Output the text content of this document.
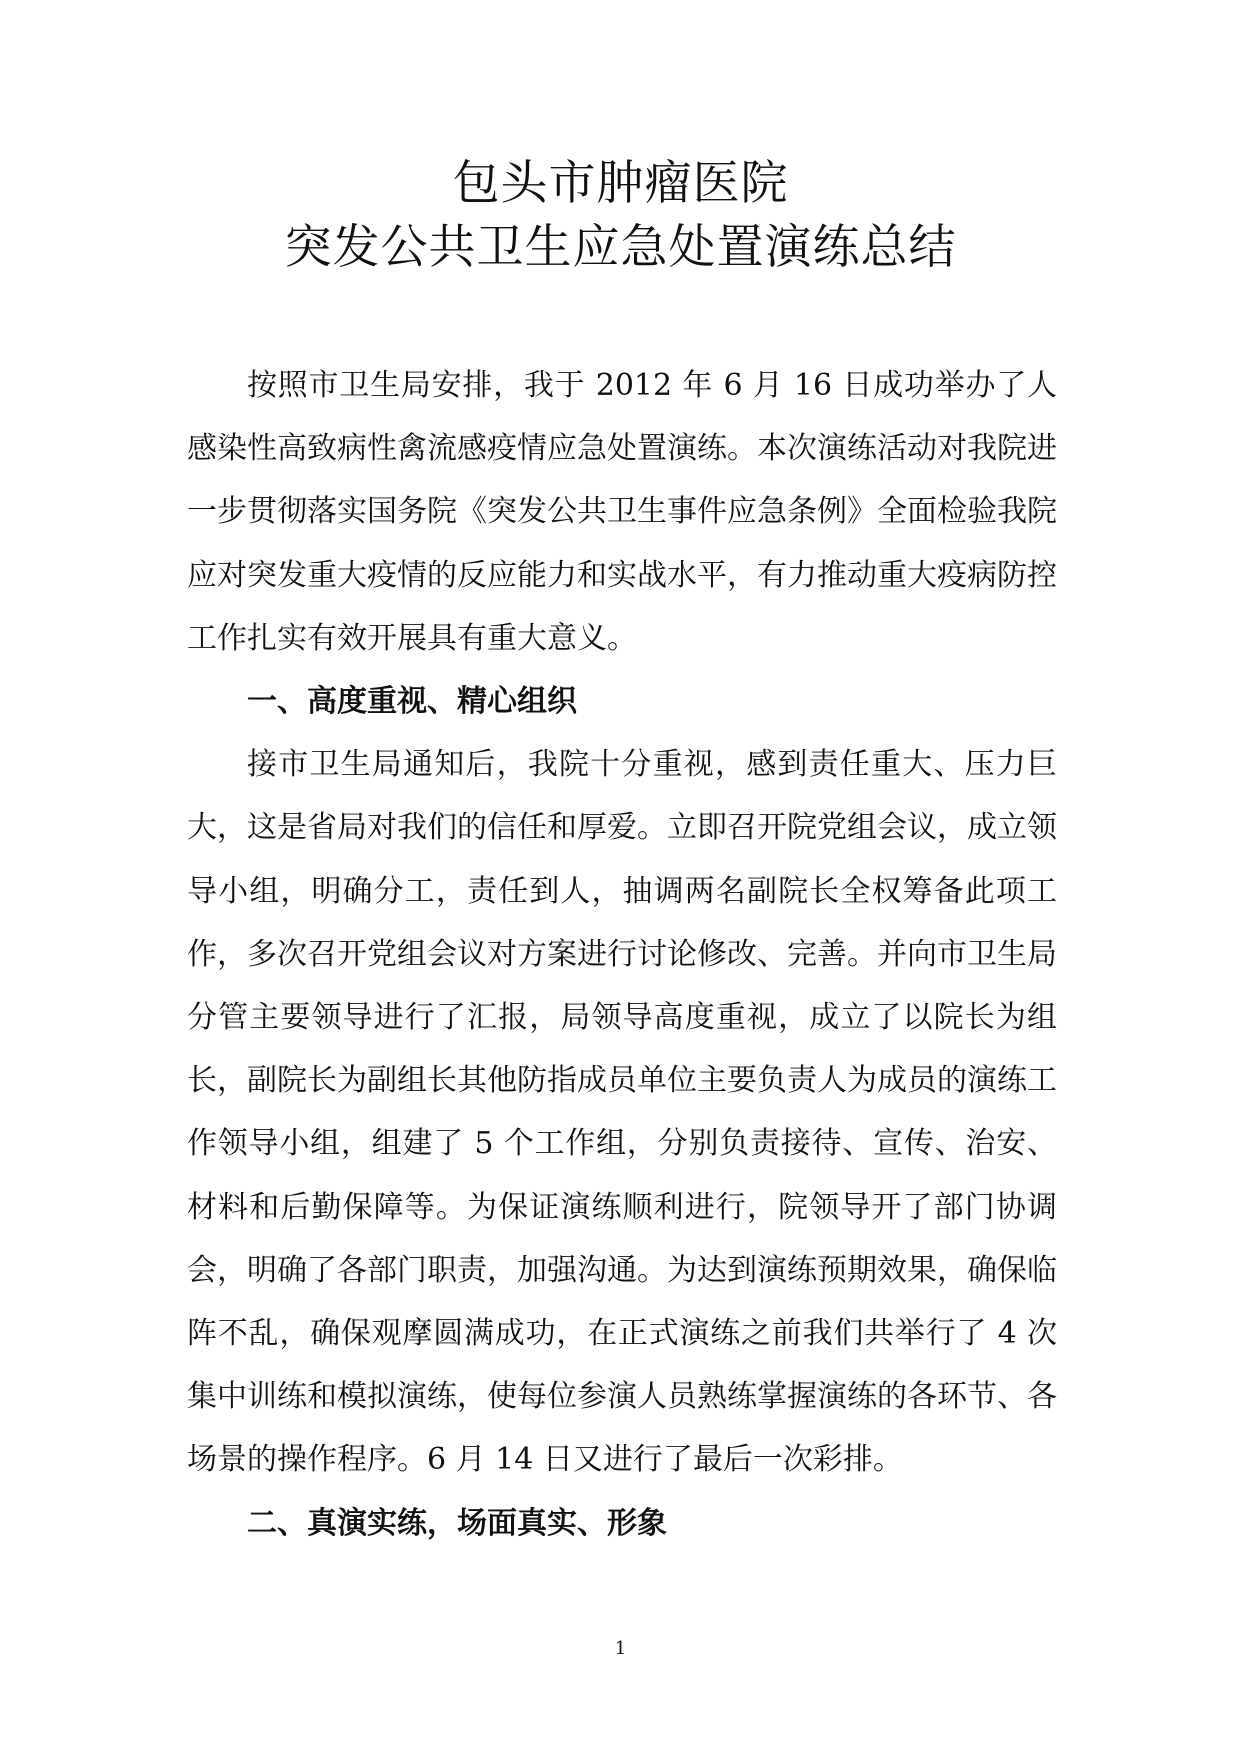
包头市肿瘤医院
突发公共卫生应急处置演练总结

按照市卫生局安排，我于 2012 年 6 月 16 日成功举办了人感染性高致病性禽流感疫情应急处置演练。本次演练活动对我院进一步贯彻落实国务院《突发公共卫生事件应急条例》全面检验我院应对突发重大疫情的反应能力和实战水平，有力推动重大疫病防控工作扎实有效开展具有重大意义。

一、高度重视、精心组织

接市卫生局通知后，我院十分重视，感到责任重大、压力巨大，这是省局对我们的信任和厚爱。立即召开院党组会议，成立领导小组，明确分工，责任到人，抽调两名副院长全权筹备此项工作，多次召开党组会议对方案进行讨论修改、完善。并向市卫生局分管主要领导进行了汇报，局领导高度重视，成立了以院长为组长，副院长为副组长其他防指成员单位主要负责人为成员的演练工作领导小组，组建了 5 个工作组，分别负责接待、宣传、治安、材料和后勤保障等。为保证演练顺利进行，院领导开了部门协调会，明确了各部门职责，加强沟通。为达到演练预期效果，确保临阵不乱，确保观摩圆满成功，在正式演练之前我们共举行了 4 次集中训练和模拟演练，使每位参演人员熟练掌握演练的各环节、各场景的操作程序。6 月 14 日又进行了最后一次彩排。

二、真演实练，场面真实、形象

1
